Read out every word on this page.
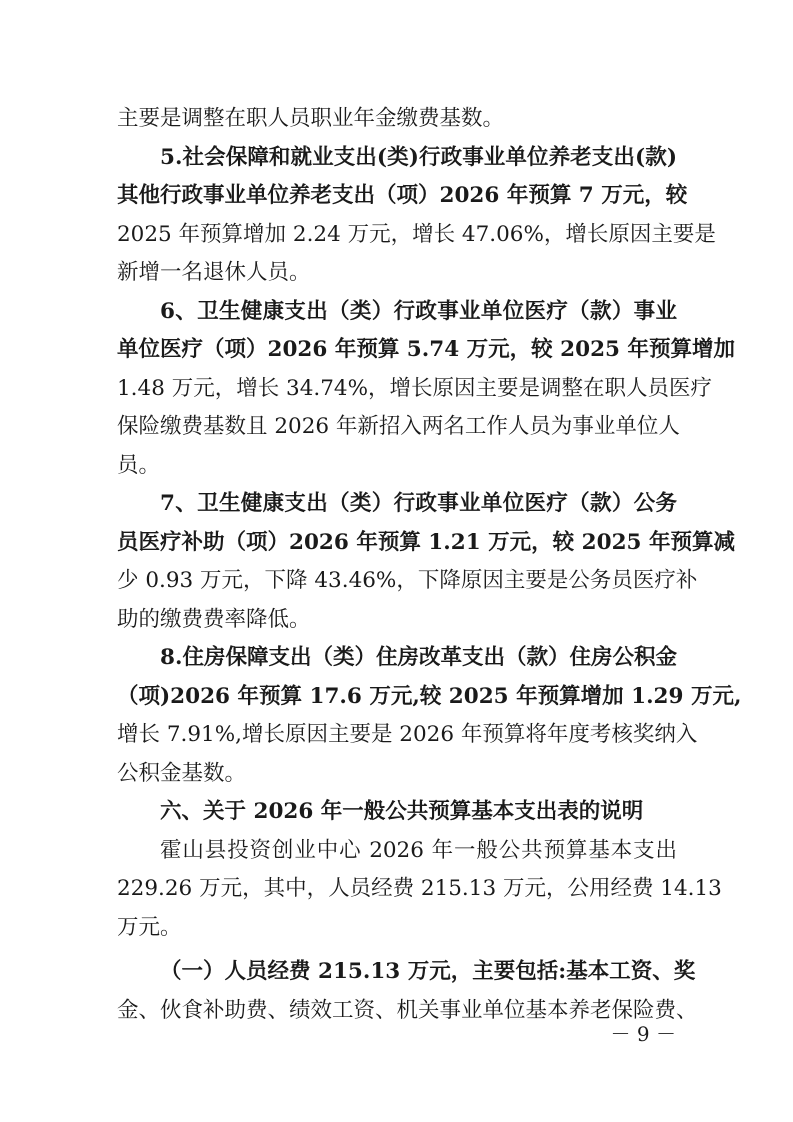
主要是调整在职人员职业年金缴费基数。
5.社会保障和就业支出(类)行政事业单位养老支出(款)
其他行政事业单位养老支出（项）2026 年预算 7 万元，较
2025 年预算增加 2.24 万元，增长 47.06%，增长原因主要是
新增一名退休人员。
6、卫生健康支出（类）行政事业单位医疗（款）事业
单位医疗（项）2026 年预算 5.74 万元，较 2025 年预算增加
1.48 万元，增长 34.74%，增长原因主要是调整在职人员医疗
保险缴费基数且 2026 年新招入两名工作人员为事业单位人
员。
7、卫生健康支出（类）行政事业单位医疗（款）公务
员医疗补助（项）2026 年预算 1.21 万元，较 2025 年预算减
少 0.93 万元，下降 43.46%，下降原因主要是公务员医疗补
助的缴费费率降低。
8.住房保障支出（类）住房改革支出（款）住房公积金
（项)2026 年预算 17.6 万元,较 2025 年预算增加 1.29 万元,
增长 7.91%,增长原因主要是 2026 年预算将年度考核奖纳入
公积金基数。
六、关于 2026 年一般公共预算基本支出表的说明
霍山县投资创业中心 2026 年一般公共预算基本支出
229.26 万元，其中，人员经费 215.13 万元，公用经费 14.13
万元。
（一）人员经费 215.13 万元，主要包括:基本工资、奖
金、伙食补助费、绩效工资、机关事业单位基本养老保险费、
－ 9 －
